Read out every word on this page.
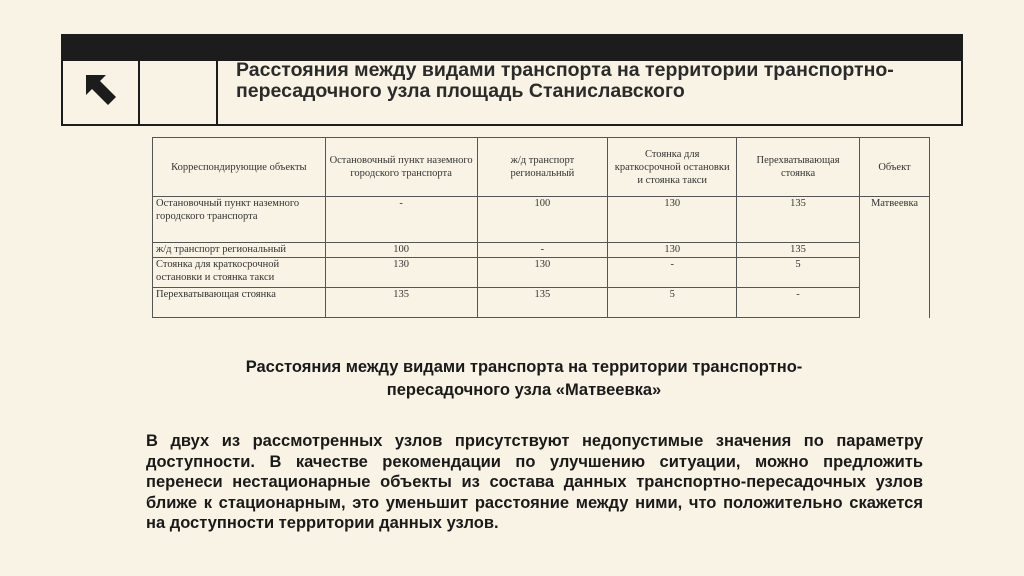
Расстояния между видами транспорта на территории транспортно-пересадочного узла площадь Станиславского
Корреспондирующие объекты	Остановочный пункт наземного городского транспорта	ж/д транспорт региональный	Стоянка для краткосрочной остановки и стоянка такси	Перехватывающая стоянка	Объект
Остановочный пункт наземного городского транспорта	-	100	130	135	Матвеевка
ж/д транспорт региональный	100	-	130	135	
Стоянка для краткосрочной остановки и стоянка такси	130	130	-	5	
Перехватывающая стоянка	135	135	5	-	
Расстояния между видами транспорта на территории транспортно-пересадочного узла «Матвеевка»
В двух из рассмотренных узлов присутствуют недопустимые значения по параметру доступности. В качестве рекомендации по улучшению ситуации, можно предложить перенеси нестационарные объекты из состава данных транспортно-пересадочных узлов ближе к стационарным, это уменьшит расстояние между ними, что положительно скажется на доступности территории данных узлов.
